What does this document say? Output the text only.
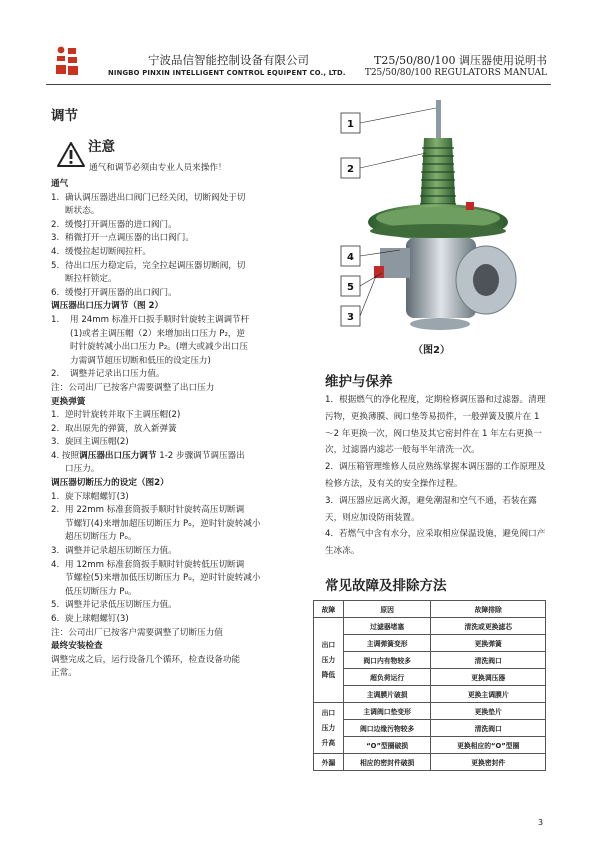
宁波品信智能控制设备有限公司
NINGBO PINXIN INTELLIGENT CONTROL EQUIPENT CO., LTD.
T25/50/80/100 调压器使用说明书
T25/50/80/100 REGULATORS MANUAL
调节
注意
通气和调节必须由专业人员来操作！
通气
1. 确认调压器进出口阀门已经关闭，切断阀处于切
断状态。
2. 缓慢打开调压器的进口阀门。
3. 稍微打开一点调压器的出口阀门。
4. 缓慢拉起切断阀拉杆。
5. 待出口压力稳定后，完全拉起调压器切断阀，切
断拉杆锁定。
6. 缓慢打开调压器的出口阀门。
调压器出口压力调节（图 2）
1.	用 24mm 标准开口扳手顺时针旋转主调调节杆
(1)或者主调压帽（2）来增加出口压力 P₂，逆
时针旋转减小出口压力 P₂。(增大或减少出口压
力需调节超压切断和低压的设定压力)
2.	调整并记录出口压力值。
注：公司出厂已按客户需要调整了出口压力
更换弹簧
1. 逆时针旋转并取下主调压帽(2)
2. 取出原先的弹簧，放入新弹簧
3. 旋回主调压帽(2)
4. 按照调压器出口压力调节 1-2 步骤调节调压器出
口压力。
调压器切断压力的设定（图2）
1. 旋下球帽螺钉(3)
2. 用 22mm 标准套筒扳手顺时针旋转高压切断调
节螺钉(4)来增加超压切断压力 Pₒ，逆时针旋转减小
超压切断压力 Pₒ。
3. 调整并记录超压切断压力值。
4. 用 12mm 标准套筒扳手顺时针旋转低压切断调
节螺栓(5)来增加低压切断压力 Pᵤ，逆时针旋转减小
低压切断压力 Pᵤ。
5. 调整并记录低压切断压力值。
6. 旋上球帽螺钉(3)
注：公司出厂已按客户需要调整了切断压力值
最终安装检查
调整完成之后，运行设备几个循环，检查设备功能
正常。
1
2
4
5
3
（图2）
维护与保养
1．根据燃气的净化程度，定期检修调压器和过滤器。清理污物，更换薄膜、阀口垫等易损件，一般弹簧及膜片在 1～2 年更换一次，阀口垫及其它密封件在 1 年左右更换一次，过滤器内滤芯一般每半年清洗一次。
2．调压箱管理维修人员应熟练掌握本调压器的工作原理及检修方法，及有关的安全操作过程。
3．调压器应远离火源，避免潮湿和空气不通，若装在露天，则应加设防雨装置。
4．若燃气中含有水分，应采取相应保温设施，避免阀口产生冰冻。
常见故障及排除方法
故障	原因	故障排除

出口
压力
降低	过滤器堵塞	清洗或更换滤芯
	主调弹簧变形	更换弹簧
	阀口内有物较多	清洗阀口
	超负荷运行	更换调压器
	主调膜片破损	更换主调膜片

出口
压力
升高	主调阀口垫变形	更换垫片
	阀口边缘污物较多	清洗阀口
	“O”型圈破损	更换相应的“O”型圈
外漏	相应的密封件破损	更换密封件
3
